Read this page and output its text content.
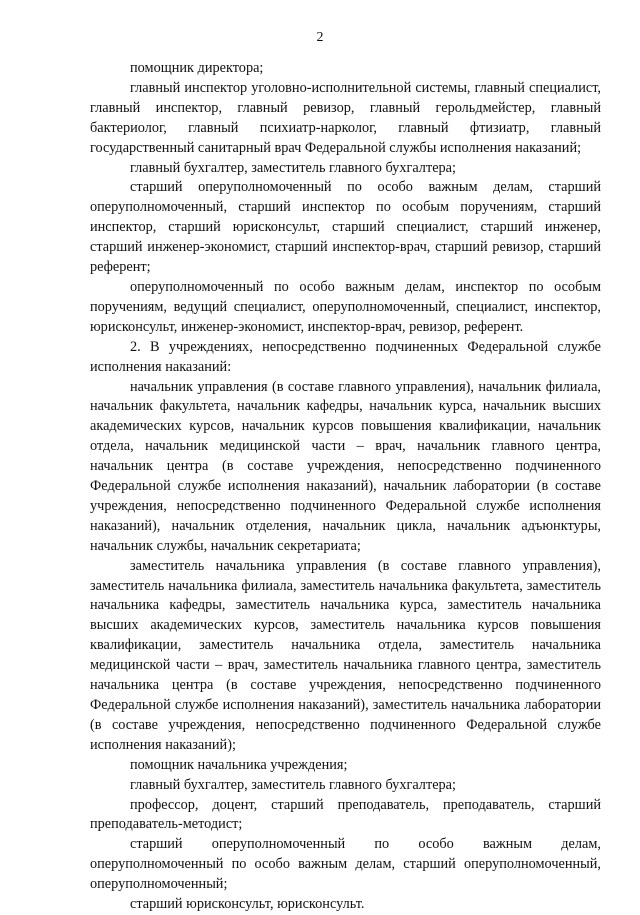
2

помощник директора;

главный инспектор уголовно-исполнительной системы, главный специалист, главный инспектор, главный ревизор, главный герольдмейстер, главный бактериолог, главный психиатр-нарколог, главный фтизиатр, главный государственный санитарный врач Федеральной службы исполнения наказаний;

главный бухгалтер, заместитель главного бухгалтера;

старший оперуполномоченный по особо важным делам, старший оперуполномоченный, старший инспектор по особым поручениям, старший инспектор, старший юрисконсульт, старший специалист, старший инженер, старший инженер-экономист, старший инспектор-врач, старший ревизор, старший референт;

оперуполномоченный по особо важным делам, инспектор по особым поручениям, ведущий специалист, оперуполномоченный, специалист, инспектор, юрисконсульт, инженер-экономист, инспектор-врач, ревизор, референт.

2. В учреждениях, непосредственно подчиненных Федеральной службе исполнения наказаний:

начальник управления (в составе главного управления), начальник филиала, начальник факультета, начальник кафедры, начальник курса, начальник высших академических курсов, начальник курсов повышения квалификации, начальник отдела, начальник медицинской части – врач, начальник главного центра, начальник центра (в составе учреждения, непосредственно подчиненного Федеральной службе исполнения наказаний), начальник лаборатории (в составе учреждения, непосредственно подчиненного Федеральной службе исполнения наказаний), начальник отделения, начальник цикла, начальник адъюнктуры, начальник службы, начальник секретариата;

заместитель начальника управления (в составе главного управления), заместитель начальника филиала, заместитель начальника факультета, заместитель начальника кафедры, заместитель начальника курса, заместитель начальника высших академических курсов, заместитель начальника курсов повышения квалификации, заместитель начальника отдела, заместитель начальника медицинской части – врач, заместитель начальника главного центра, заместитель начальника центра (в составе учреждения, непосредственно подчиненного Федеральной службе исполнения наказаний), заместитель начальника лаборатории (в составе учреждения, непосредственно подчиненного Федеральной службе исполнения наказаний);

помощник начальника учреждения;

главный бухгалтер, заместитель главного бухгалтера;

профессор, доцент, старший преподаватель, преподаватель, старший преподаватель-методист;

старший оперуполномоченный по особо важным делам, оперуполномоченный по особо важным делам, старший оперуполномоченный, оперуполномоченный;

старший юрисконсульт, юрисконсульт.
